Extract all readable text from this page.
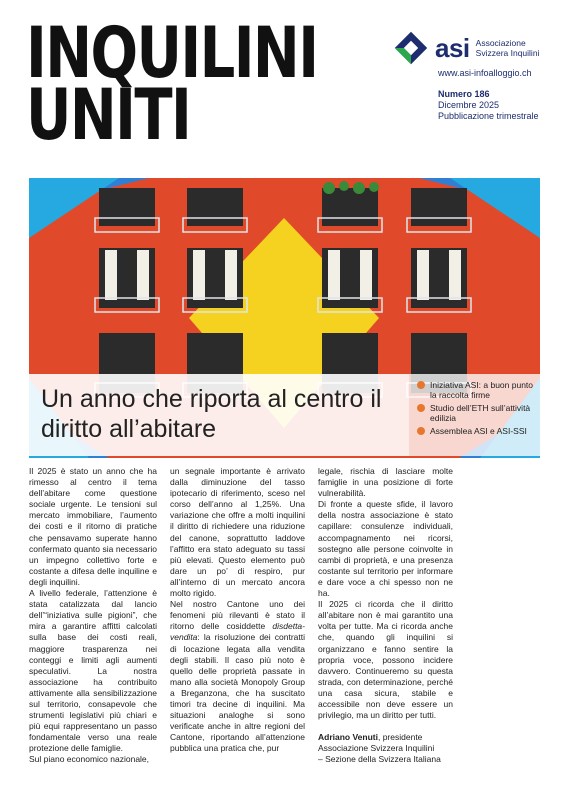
INQUILINI
UNITI
asi Associazione
Svizzera Inquilini
www.asi-infoalloggio.ch
Numero 186
Dicembre 2025
Pubblicazione trimestrale
Un anno che riporta al centro il diritto all’abitare
Iniziativa ASI: a buon punto la raccolta firme
Studio dell’ETH sull’attività edilizia
Assemblea ASI e ASI-SSI

Il 2025 è stato un anno che ha rimesso al centro il tema dell’abitare come questione sociale urgente. Le tensioni sul mercato immobiliare, l’aumento dei costi e il ritorno di pratiche che pensavamo superate hanno confermato quanto sia necessario un impegno collettivo forte e costante a difesa delle inquiline e degli inquilini.

A livello federale, l’attenzione è stata catalizzata dal lancio dell’“iniziativa sulle pigioni”, che mira a garantire affitti calcolati sulla base dei costi reali, maggiore trasparenza nei conteggi e limiti agli aumenti speculativi. La nostra associazione ha contribuito attivamente alla sensibilizzazione sul territorio, consapevole che strumenti legislativi più chiari e più equi rappresentano un passo fondamentale verso una reale protezione delle famiglie.

Sul piano economico nazionale,

un segnale importante è arrivato dalla diminuzione del tasso ipotecario di riferimento, sceso nel corso dell’anno al 1,25%. Una variazione che offre a molti inquilini il diritto di richiedere una riduzione del canone, soprattutto laddove l’affitto era stato adeguato su tassi più elevati. Questo elemento può dare un po’ di respiro, pur all’interno di un mercato ancora molto rigido.

Nel nostro Cantone uno dei fenomeni più rilevanti è stato il ritorno delle cosiddette disdetta-vendita: la risoluzione dei contratti di locazione legata alla vendita degli stabili. Il caso più noto è quello delle proprietà passate in mano alla società Monopoly Group a Breganzona, che ha suscitato timori tra decine di inquilini. Ma situazioni analoghe si sono verificate anche in altre regioni del Cantone, riportando all’attenzione pubblica una pratica che, pur

legale, rischia di lasciare molte famiglie in una posizione di forte vulnerabilità.

Di fronte a queste sfide, il lavoro della nostra associazione è stato capillare: consulenze individuali, accompagnamento nei ricorsi, sostegno alle persone coinvolte in cambi di proprietà, e una presenza costante sul territorio per informare e dare voce a chi spesso non ne ha.

Il 2025 ci ricorda che il diritto all’abitare non è mai garantito una volta per tutte. Ma ci ricorda anche che, quando gli inquilini si organizzano e fanno sentire la propria voce, possono incidere davvero. Continueremo su questa strada, con determinazione, perché una casa sicura, stabile e accessibile non deve essere un privilegio, ma un diritto per tutti.

Adriano Venuti, presidente

Associazione Svizzera Inquilini

– Sezione della Svizzera Italiana
